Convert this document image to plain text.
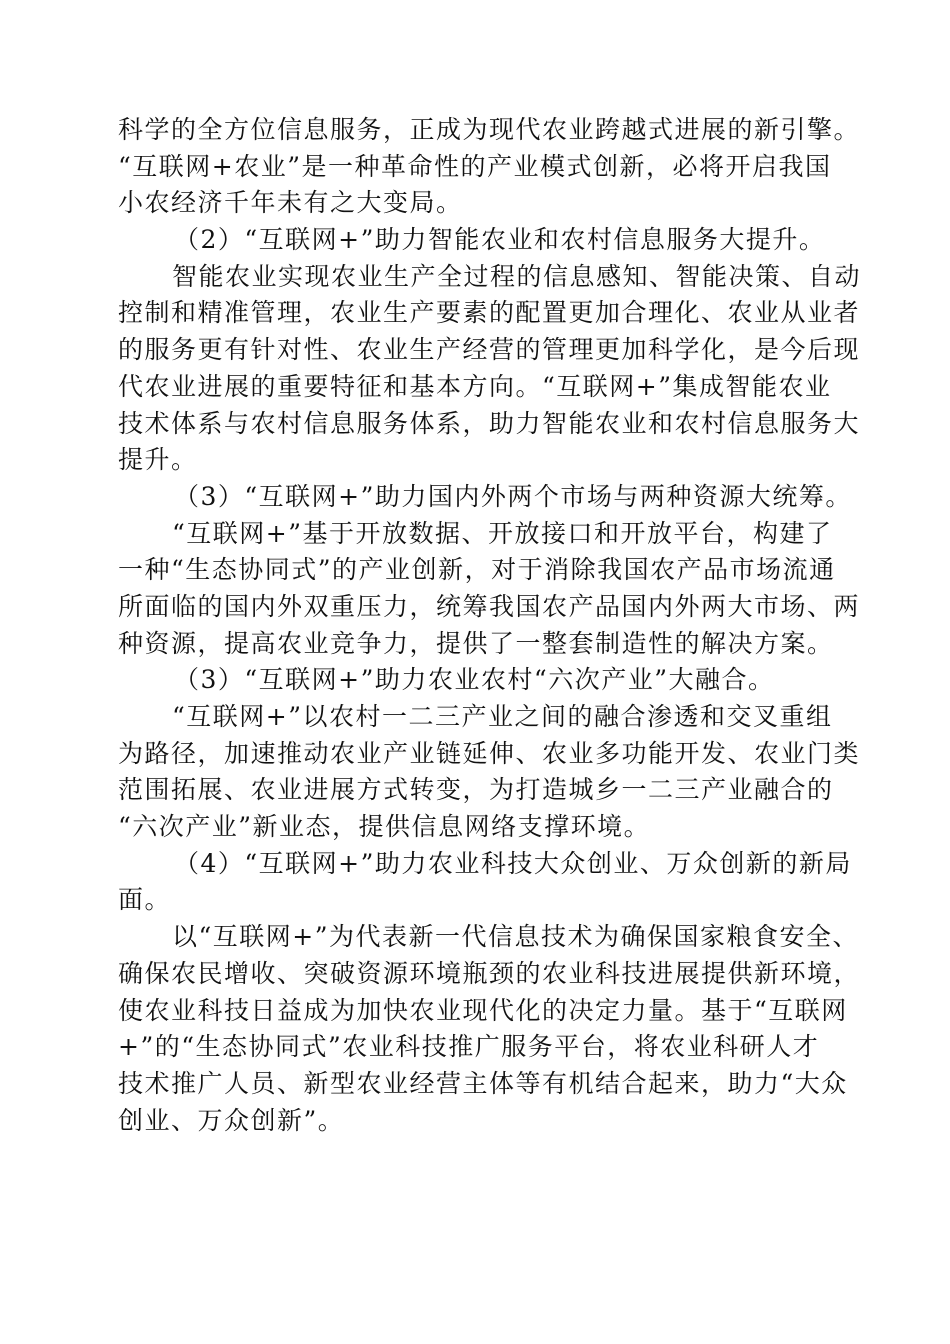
科学的全方位信息服务，正成为现代农业跨越式进展的新引擎。
“互联网+农业”是一种革命性的产业模式创新，必将开启我国
小农经济千年未有之大变局。
（2）“互联网+”助力智能农业和农村信息服务大提升。
智能农业实现农业生产全过程的信息感知、智能决策、自动
控制和精准管理，农业生产要素的配置更加合理化、农业从业者
的服务更有针对性、农业生产经营的管理更加科学化，是今后现
代农业进展的重要特征和基本方向。“互联网+”集成智能农业
技术体系与农村信息服务体系，助力智能农业和农村信息服务大
提升。
（3）“互联网+”助力国内外两个市场与两种资源大统筹。
“互联网+”基于开放数据、开放接口和开放平台，构建了
一种“生态协同式”的产业创新，对于消除我国农产品市场流通
所面临的国内外双重压力，统筹我国农产品国内外两大市场、两
种资源，提高农业竞争力，提供了一整套制造性的解决方案。
（3）“互联网+”助力农业农村“六次产业”大融合。
“互联网+”以农村一二三产业之间的融合渗透和交叉重组
为路径，加速推动农业产业链延伸、农业多功能开发、农业门类
范围拓展、农业进展方式转变，为打造城乡一二三产业融合的
“六次产业”新业态，提供信息网络支撑环境。
（4）“互联网+”助力农业科技大众创业、万众创新的新局
面。
以“互联网+”为代表新一代信息技术为确保国家粮食安全、
确保农民增收、突破资源环境瓶颈的农业科技进展提供新环境，
使农业科技日益成为加快农业现代化的决定力量。基于“互联网
+”的“生态协同式”农业科技推广服务平台，将农业科研人才
技术推广人员、新型农业经营主体等有机结合起来，助力“大众
创业、万众创新”。
